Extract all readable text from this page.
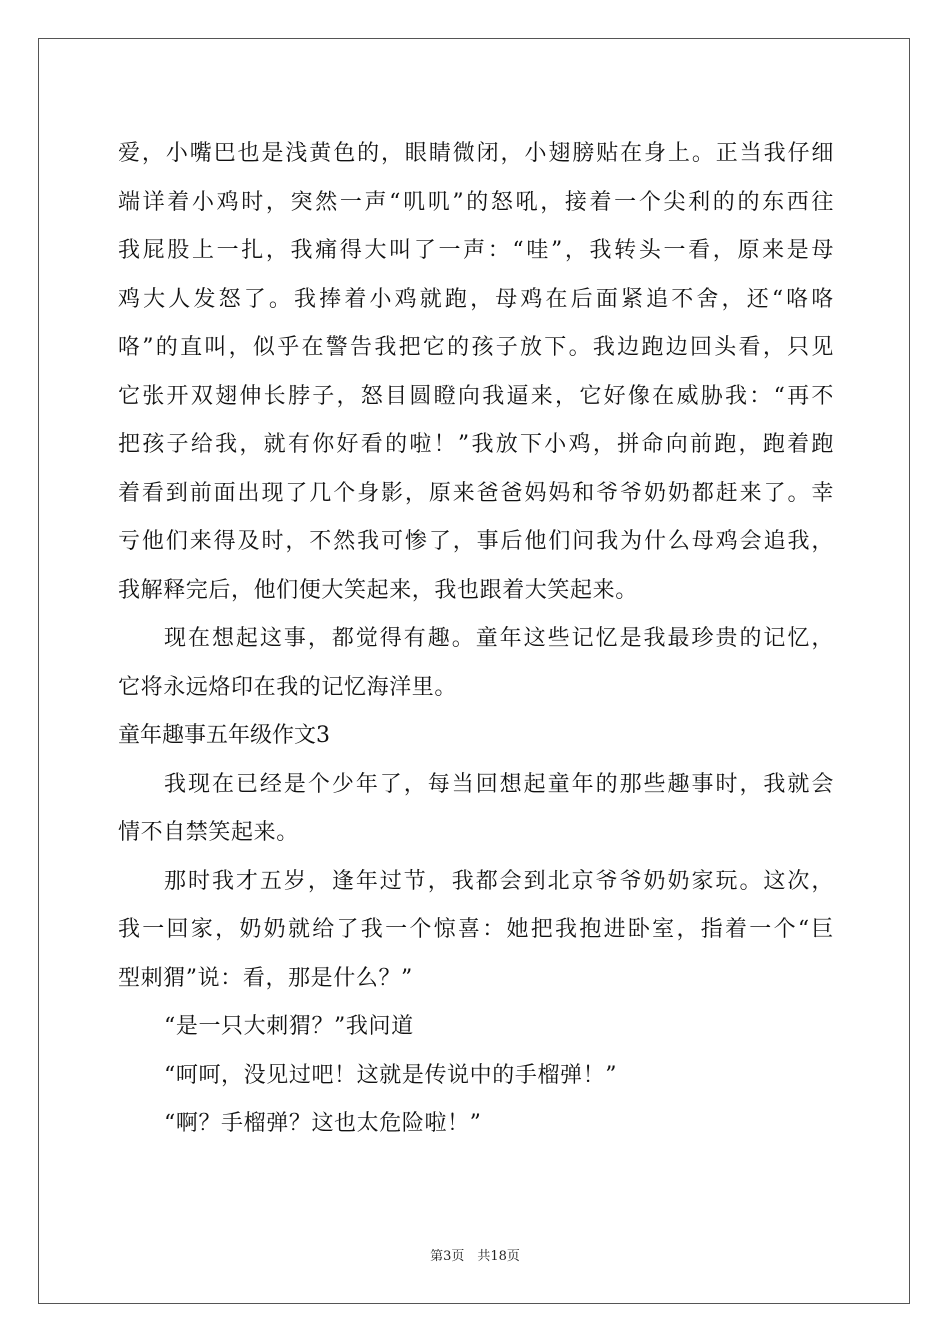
爱，小嘴巴也是浅黄色的，眼睛微闭，小翅膀贴在身上。正当我仔细
端详着小鸡时，突然一声“叽叽”的怒吼，接着一个尖利的的东西往
我屁股上一扎，我痛得大叫了一声：“哇”，我转头一看，原来是母
鸡大人发怒了。我捧着小鸡就跑，母鸡在后面紧追不舍，还“咯咯
咯”的直叫，似乎在警告我把它的孩子放下。我边跑边回头看，只见
它张开双翅伸长脖子，怒目圆瞪向我逼来，它好像在威胁我：“再不
把孩子给我，就有你好看的啦！”我放下小鸡，拼命向前跑，跑着跑
着看到前面出现了几个身影，原来爸爸妈妈和爷爷奶奶都赶来了。幸
亏他们来得及时，不然我可惨了，事后他们问我为什么母鸡会追我，
我解释完后，他们便大笑起来，我也跟着大笑起来。
现在想起这事，都觉得有趣。童年这些记忆是我最珍贵的记忆，
它将永远烙印在我的记忆海洋里。
童年趣事五年级作文3
我现在已经是个少年了，每当回想起童年的那些趣事时，我就会
情不自禁笑起来。
那时我才五岁，逢年过节，我都会到北京爷爷奶奶家玩。这次，
我一回家，奶奶就给了我一个惊喜：她把我抱进卧室，指着一个“巨
型刺猬”说：看，那是什么？”
“是一只大刺猬？”我问道
“呵呵，没见过吧！这就是传说中的手榴弹！”
“啊？手榴弹？这也太危险啦！”
第3页　共18页
